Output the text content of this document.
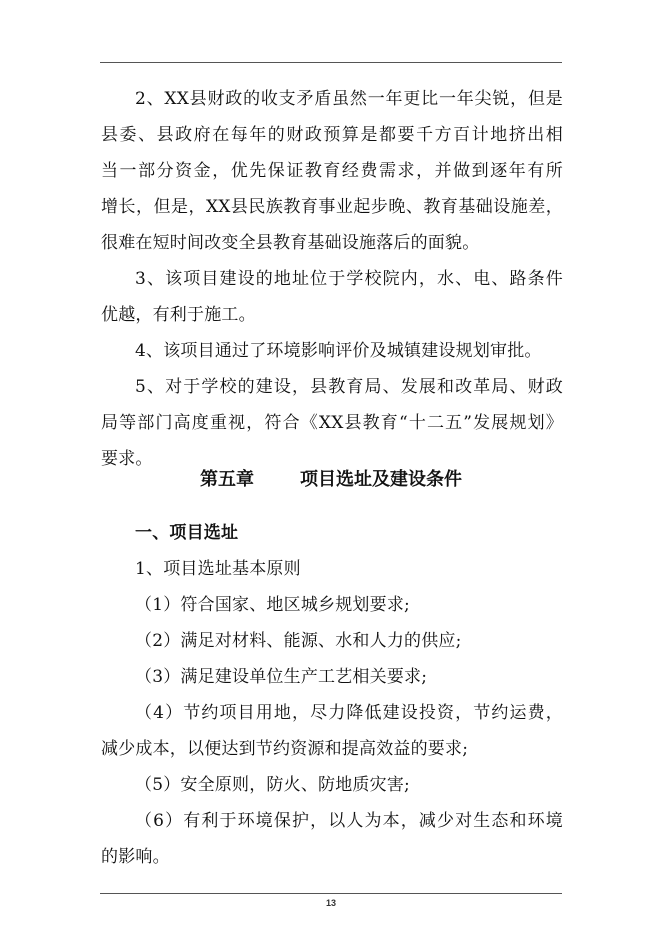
2、XX县财政的收支矛盾虽然一年更比一年尖锐，但是
县委、县政府在每年的财政预算是都要千方百计地挤出相
当一部分资金，优先保证教育经费需求，并做到逐年有所
增长，但是，XX县民族教育事业起步晚、教育基础设施差，
很难在短时间改变全县教育基础设施落后的面貌。
3、该项目建设的地址位于学校院内，水、电、路条件
优越，有利于施工。
4、该项目通过了环境影响评价及城镇建设规划审批。
5、对于学校的建设，县教育局、发展和改革局、财政
局等部门高度重视，符合《XX县教育“十二五”发展规划》
要求。
第五章	项目选址及建设条件
一、项目选址
1、项目选址基本原则
（1）符合国家、地区城乡规划要求;
（2）满足对材料、能源、水和人力的供应;
（3）满足建设单位生产工艺相关要求;
（4）节约项目用地，尽力降低建设投资，节约运费，
减少成本，以便达到节约资源和提高效益的要求;
（5）安全原则，防火、防地质灾害;
（6）有利于环境保护，以人为本，减少对生态和环境
的影响。
13
